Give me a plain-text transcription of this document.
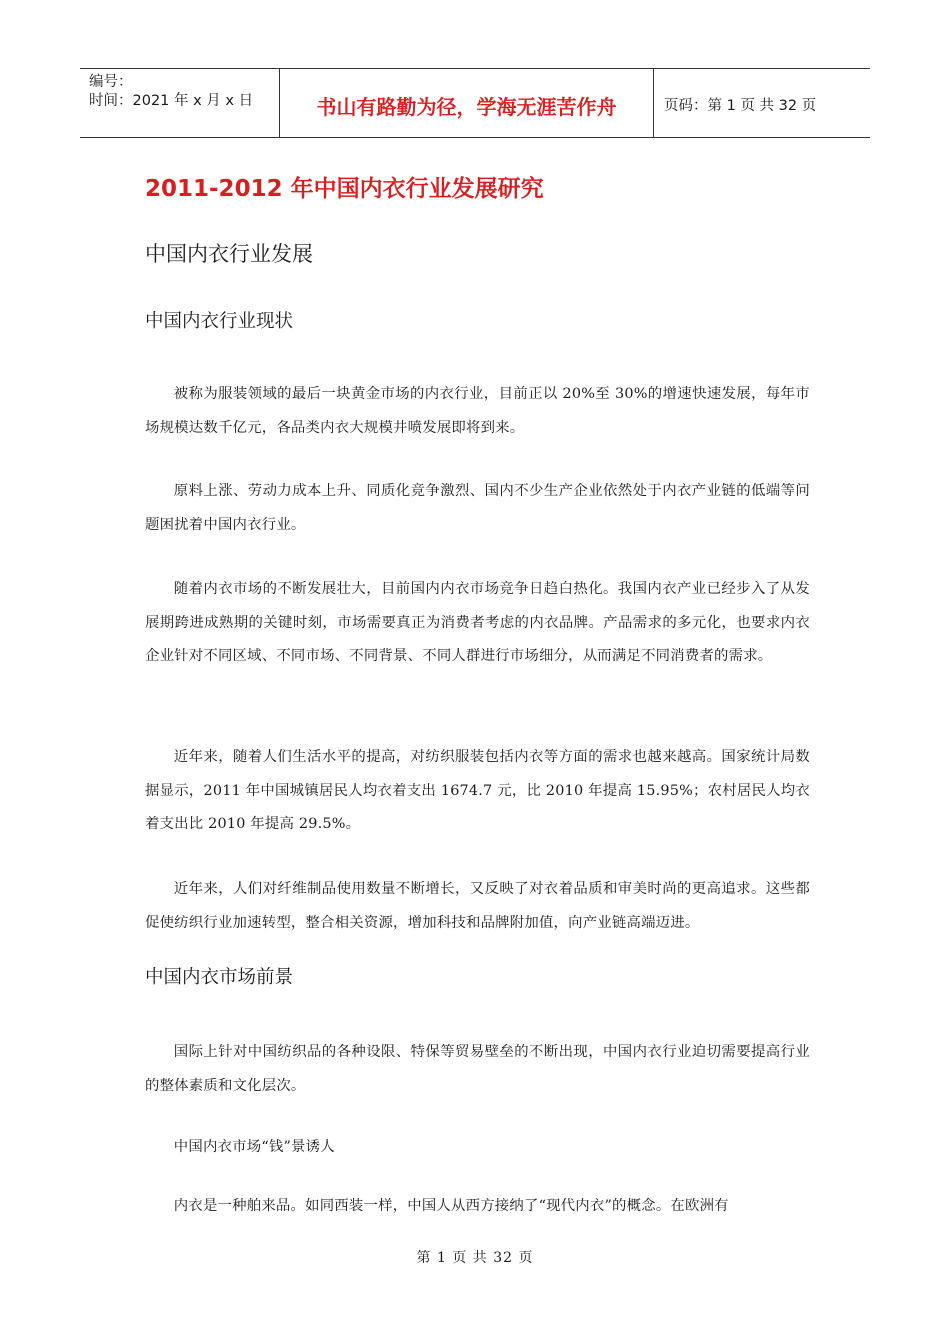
编号：
时间：2021 年 x 月 x 日	书山有路勤为径，学海无涯苦作舟	页码：第 1 页 共 32 页
2011-2012 年中国内衣行业发展研究
中国内衣行业发展
中国内衣行业现状

被称为服装领域的最后一块黄金市场的内衣行业，目前正以 20%至 30%的增速快速发展，每年市场规模达数千亿元，各品类内衣大规模井喷发展即将到来。

原料上涨、劳动力成本上升、同质化竞争激烈、国内不少生产企业依然处于内衣产业链的低端等问题困扰着中国内衣行业。

随着内衣市场的不断发展壮大，目前国内内衣市场竞争日趋白热化。我国内衣产业已经步入了从发展期跨进成熟期的关键时刻，市场需要真正为消费者考虑的内衣品牌。产品需求的多元化，也要求内衣企业针对不同区域、不同市场、不同背景、不同人群进行市场细分，从而满足不同消费者的需求。

近年来，随着人们生活水平的提高，对纺织服装包括内衣等方面的需求也越来越高。国家统计局数据显示，2011 年中国城镇居民人均衣着支出 1674.7 元，比 2010 年提高 15.95%；农村居民人均衣着支出比 2010 年提高 29.5%。

近年来，人们对纤维制品使用数量不断增长，又反映了对衣着品质和审美时尚的更高追求。这些都促使纺织行业加速转型，整合相关资源，增加科技和品牌附加值，向产业链高端迈进。

中国内衣市场前景

国际上针对中国纺织品的各种设限、特保等贸易壁垒的不断出现，中国内衣行业迫切需要提高行业的整体素质和文化层次。

中国内衣市场“钱”景诱人

内衣是一种舶来品。如同西装一样，中国人从西方接纳了“现代内衣”的概念。在欧洲有

第 1 页 共 32 页
